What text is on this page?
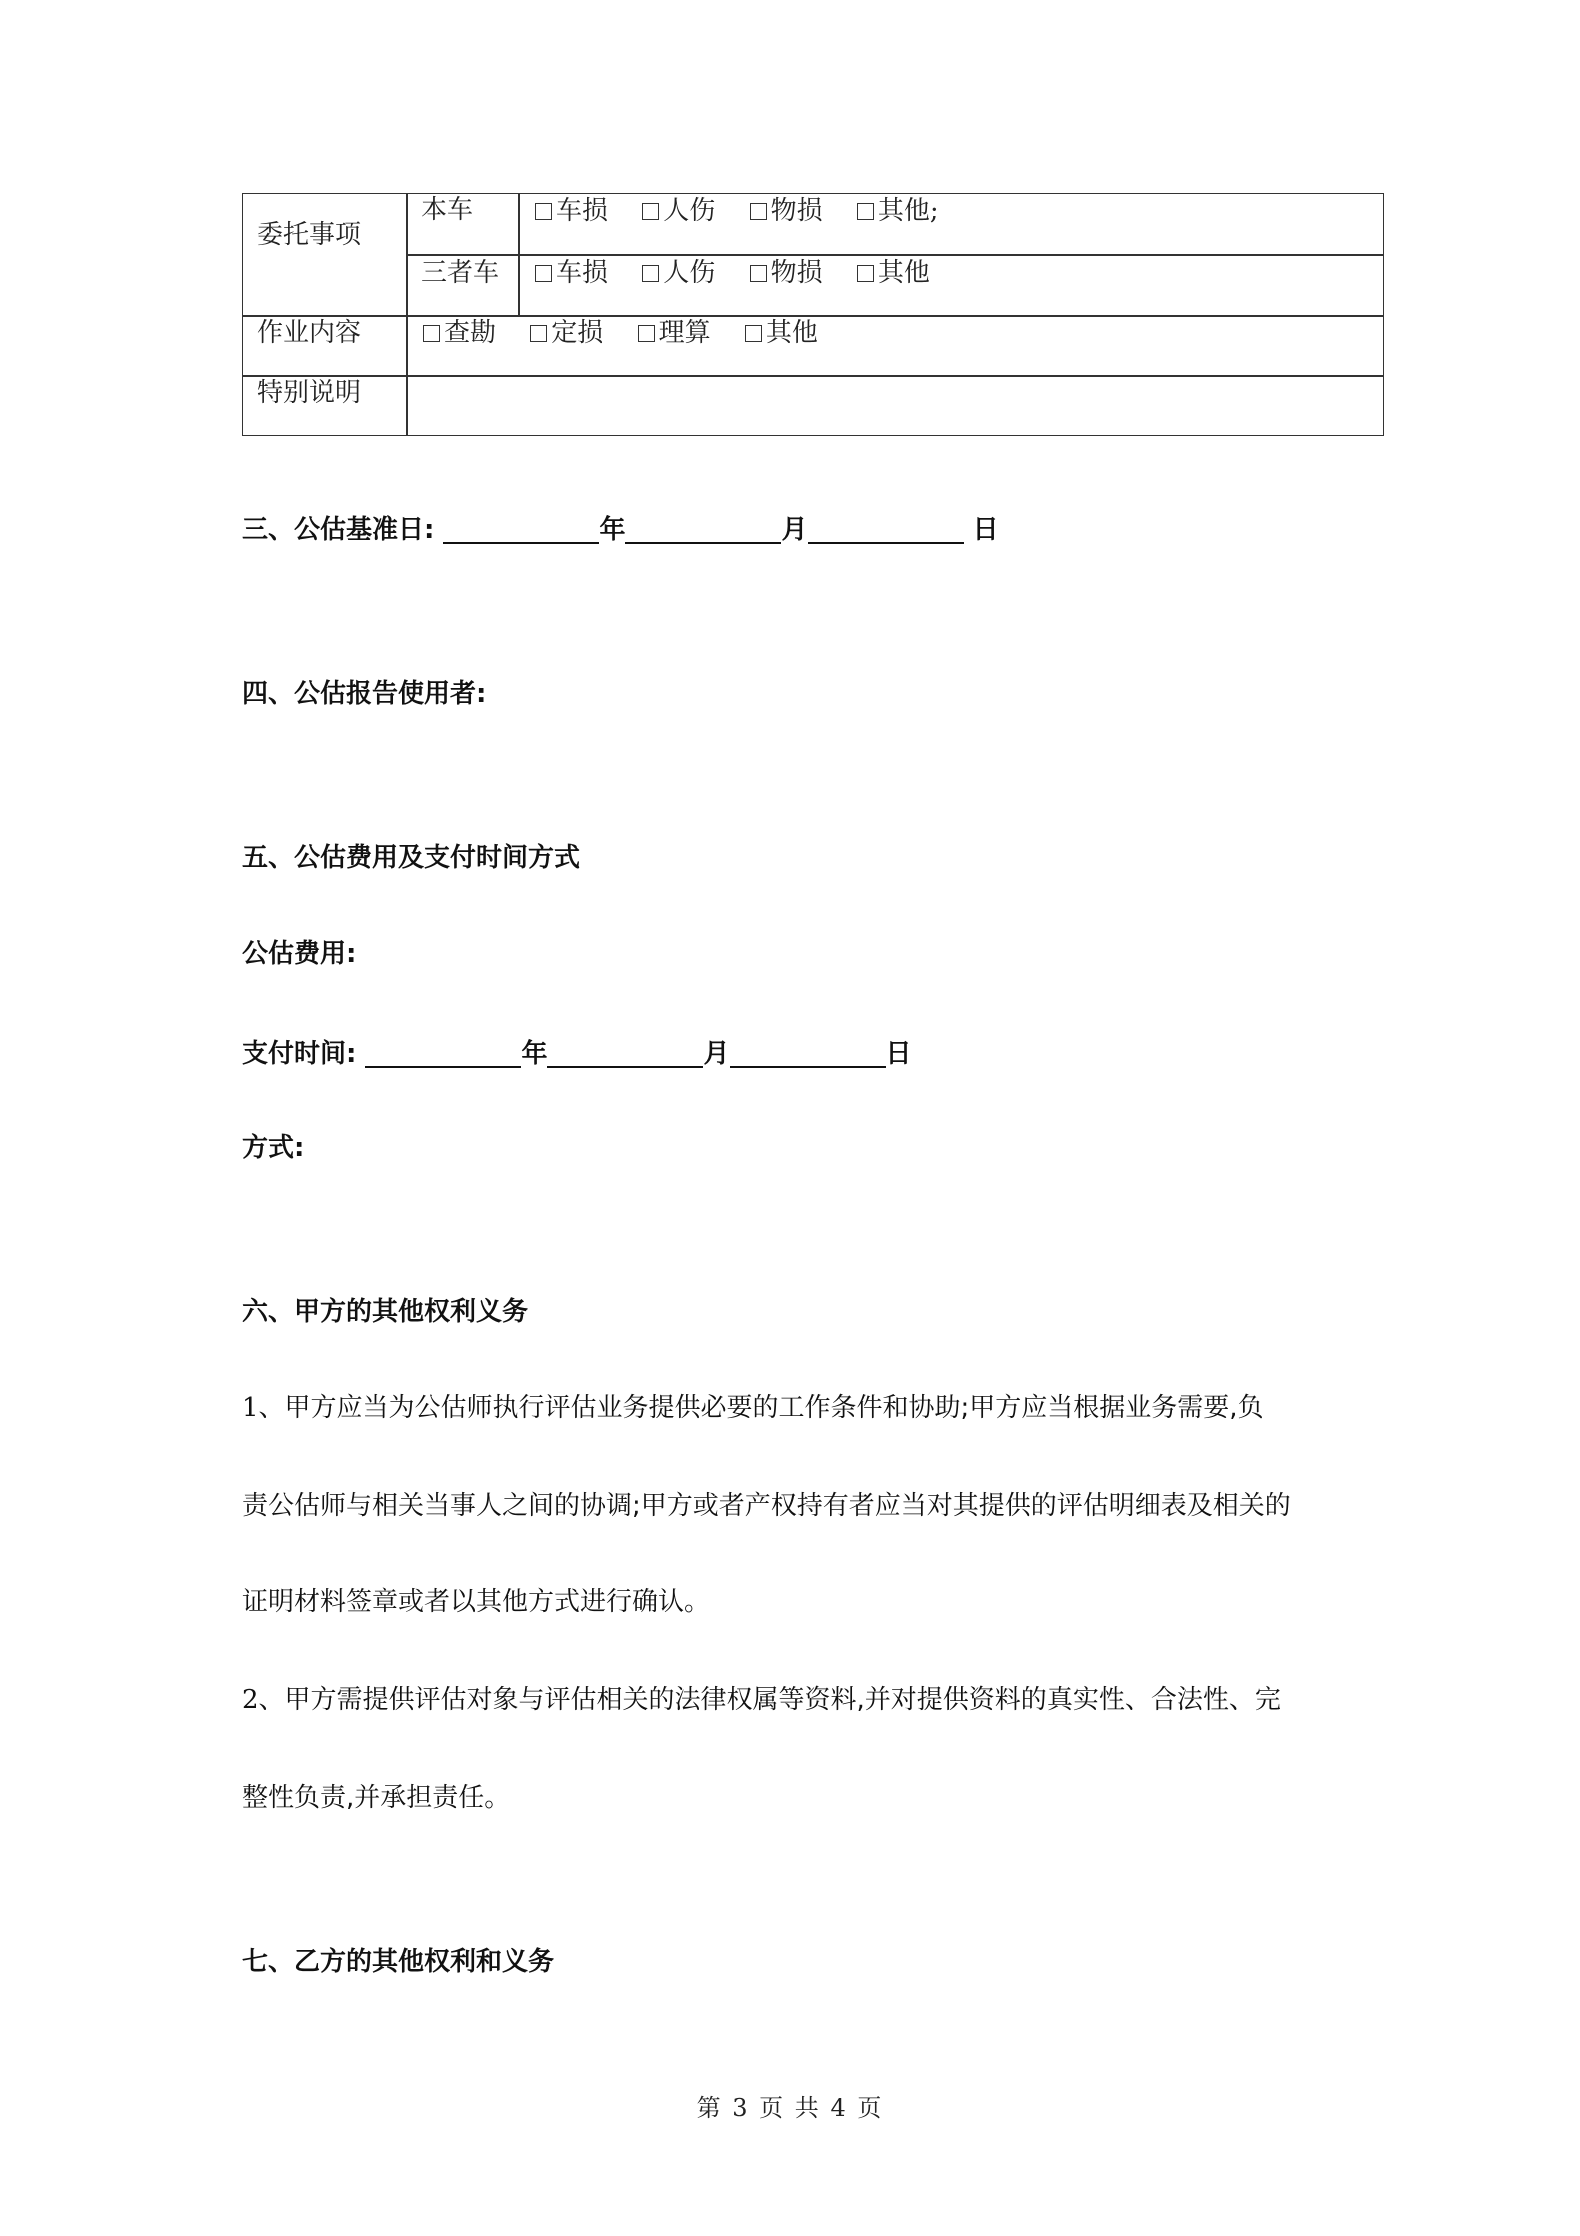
委托事项
本车	车损 人伤 物损 其他;
三者车	车损 人伤 物损 其他
作业内容	查勘 定损 理算 其他
特别说明
三、公估基准日:	年	月	日
四、公估报告使用者:
五、公估费用及支付时间方式
公估费用:
支付时间:	年	月	日
方式:
六、甲方的其他权利义务
1、甲方应当为公估师执行评估业务提供必要的工作条件和协助;甲方应当根据业务需要,负
责公估师与相关当事人之间的协调;甲方或者产权持有者应当对其提供的评估明细表及相关的
证明材料签章或者以其他方式进行确认。
2、甲方需提供评估对象与评估相关的法律权属等资料,并对提供资料的真实性、合法性、完
整性负责,并承担责任。
七、乙方的其他权利和义务
第 3 页 共 4 页
